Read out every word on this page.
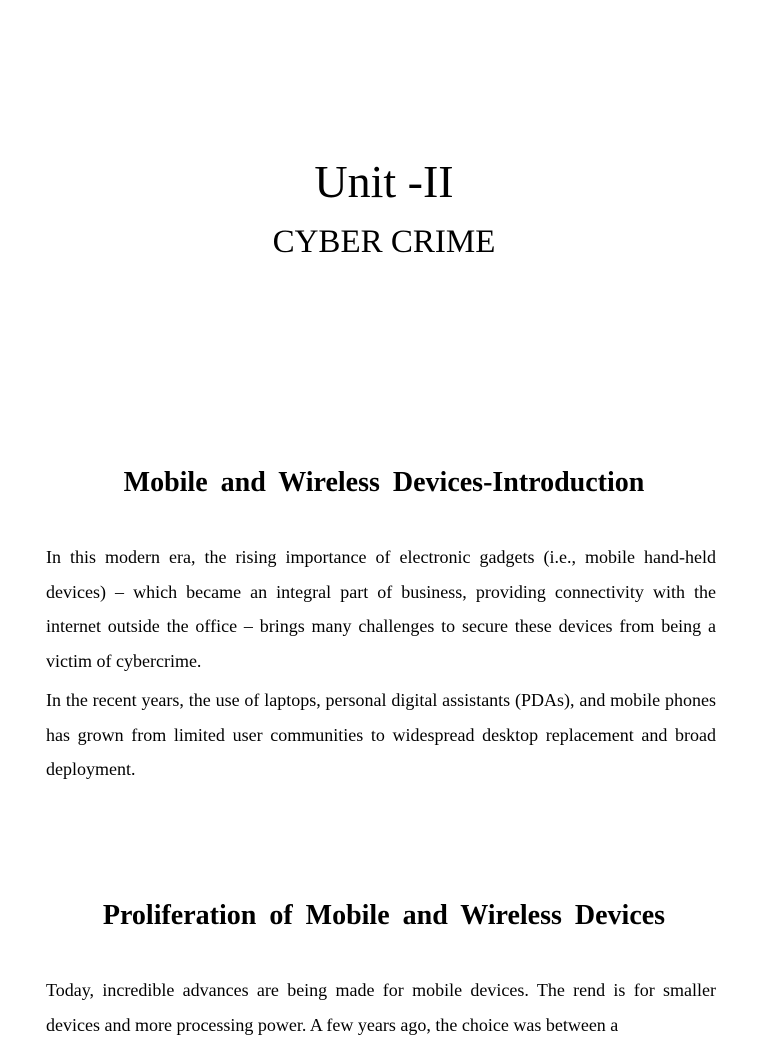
Unit -II
CYBER CRIME
Mobile and Wireless Devices-Introduction

In this modern era, the rising importance of electronic gadgets (i.e., mobile hand-held devices) – which became an integral part of business, providing connectivity with the internet outside the office – brings many challenges to secure these devices from being a victim of cybercrime.

In the recent years, the use of laptops, personal digital assistants (PDAs), and mobile phones has grown from limited user communities to widespread desktop replacement and broad deployment.

Proliferation of Mobile and Wireless Devices

Today, incredible advances are being made for mobile devices. The rend is for smaller devices and more processing power. A few years ago, the choice was between a
